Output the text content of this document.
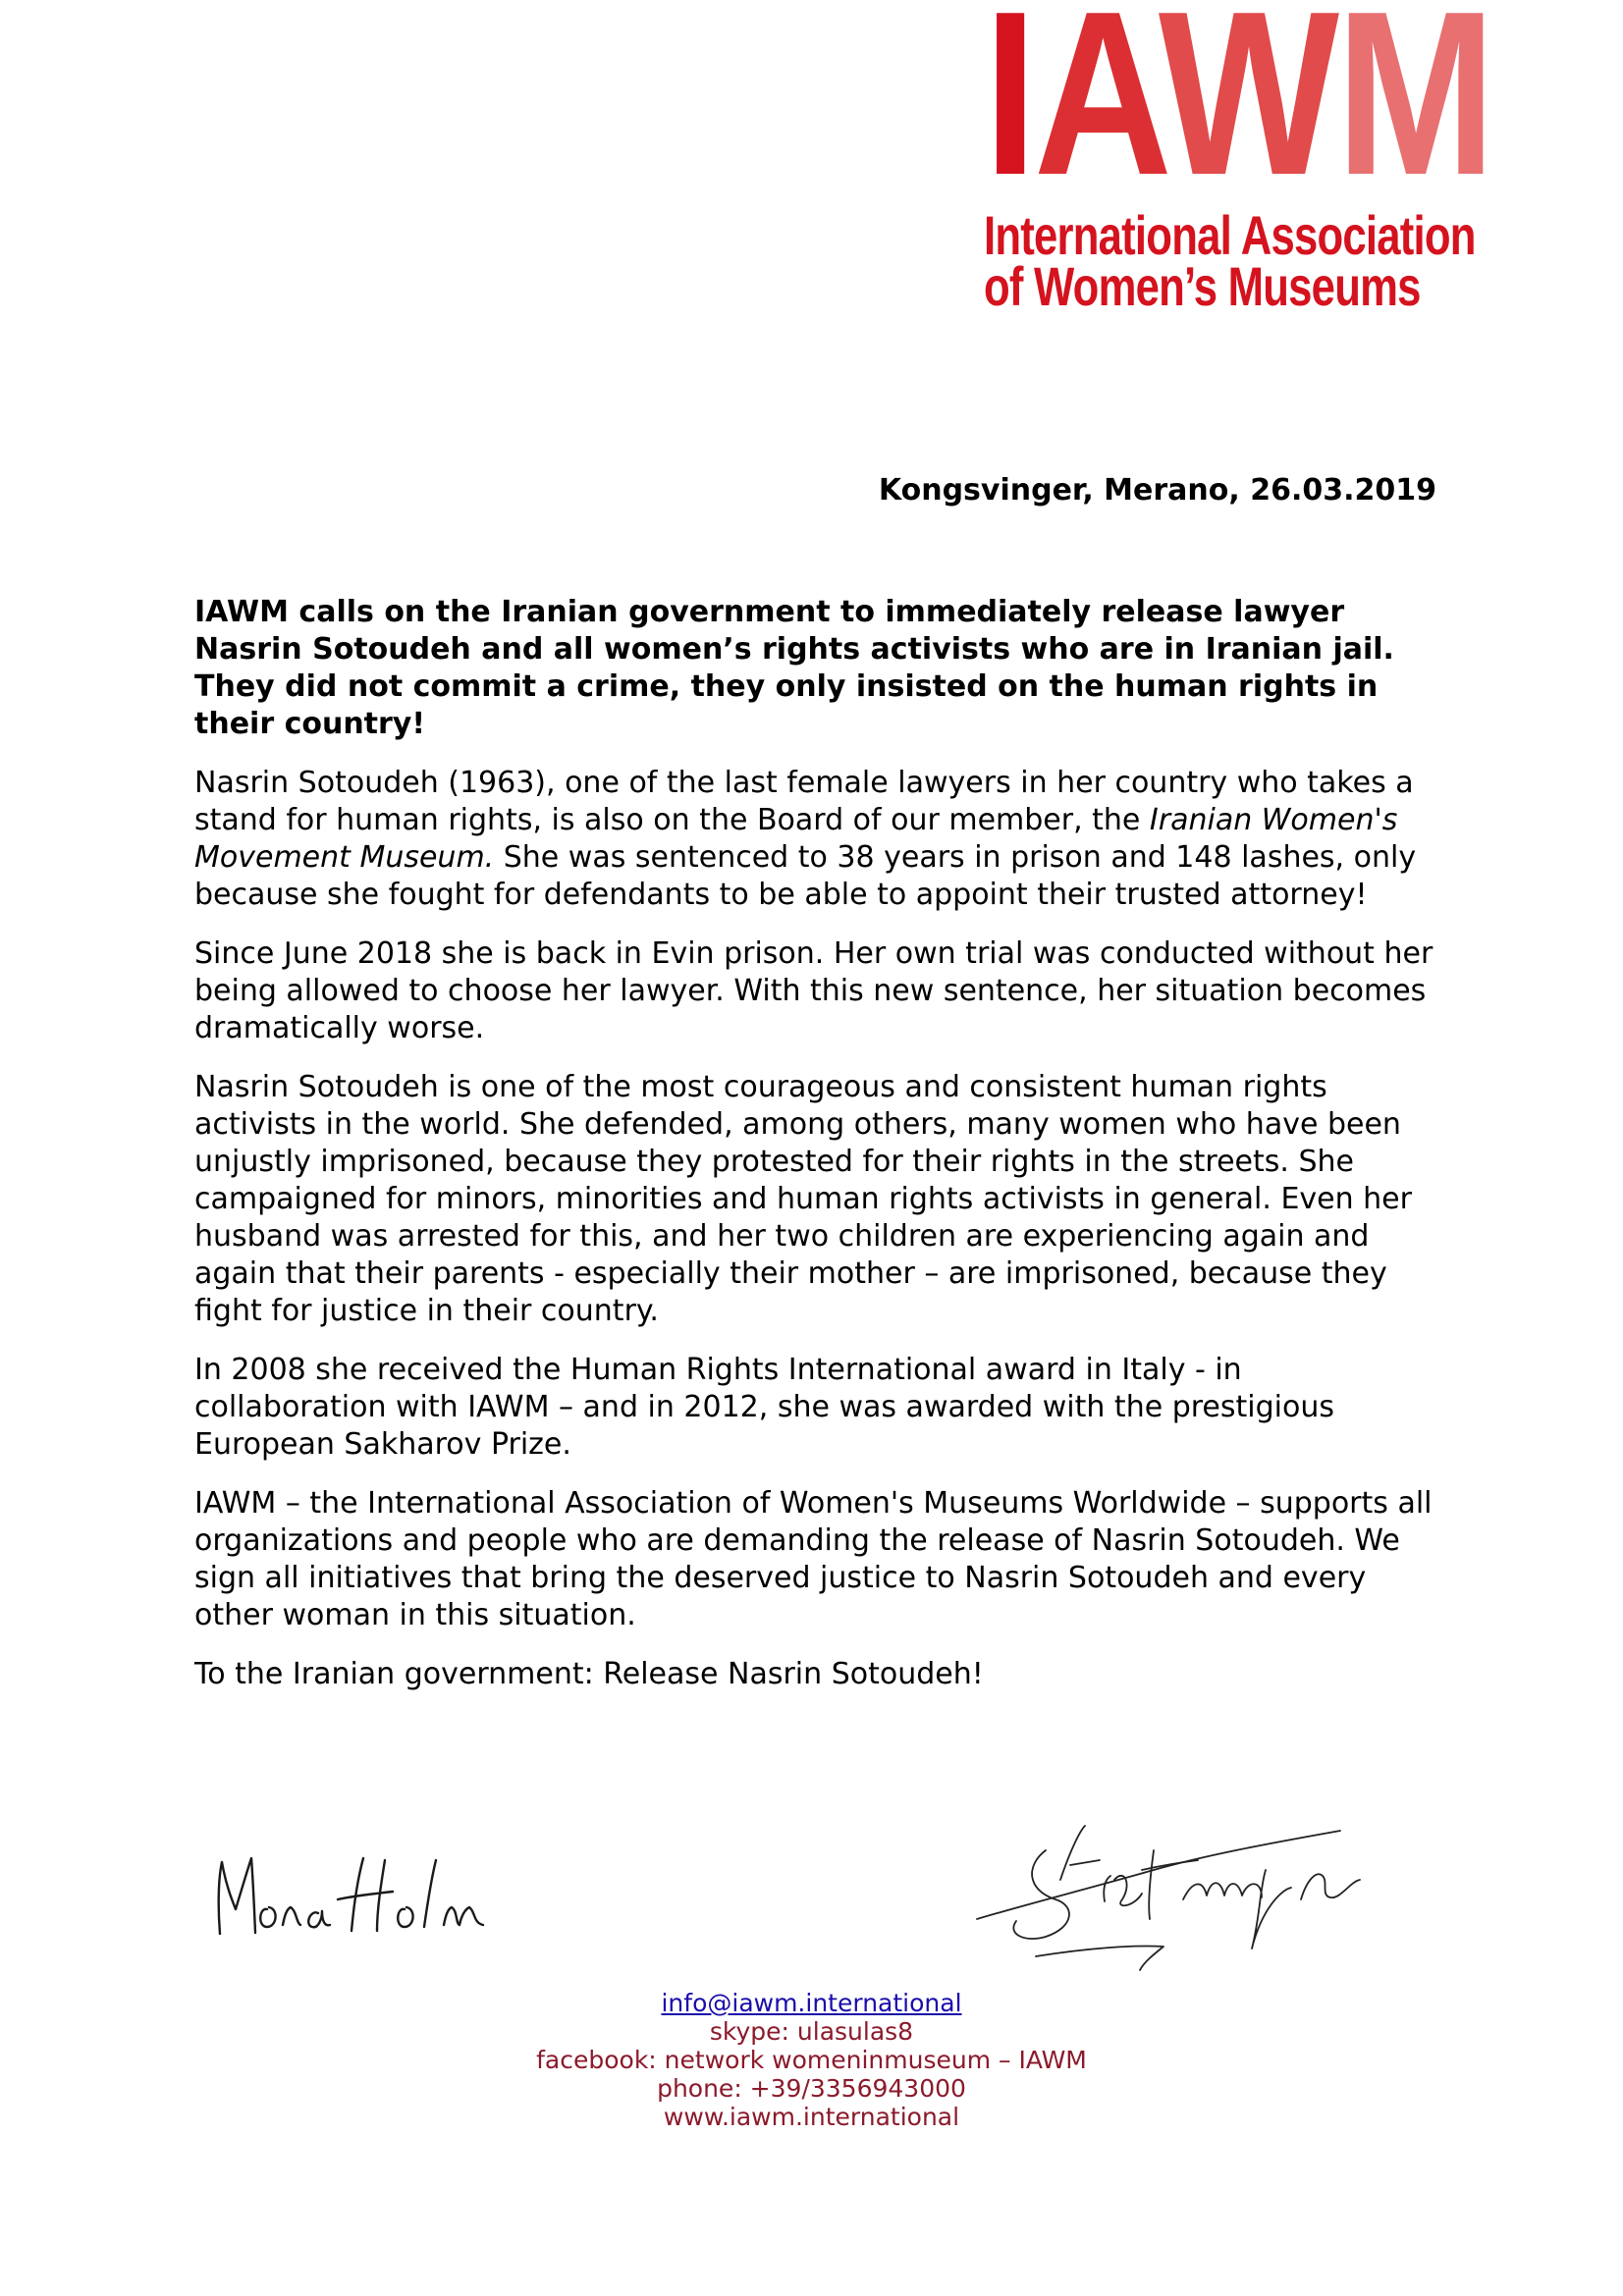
IAWM
International Association
of Women’s Museums
Kongsvinger, Merano, 26.03.2019

IAWM calls on the Iranian government to immediately release lawyer Nasrin Sotoudeh and all women’s rights activists who are in Iranian jail. They did not commit a crime, they only insisted on the human rights in their country!

Nasrin Sotoudeh (1963), one of the last female lawyers in her country who takes a stand for human rights, is also on the Board of our member, the Iranian Women's Movement Museum. She was sentenced to 38 years in prison and 148 lashes, only because she fought for defendants to be able to appoint their trusted attorney!

Since June 2018 she is back in Evin prison. Her own trial was conducted without her being allowed to choose her lawyer. With this new sentence, her situation becomes dramatically worse.

Nasrin Sotoudeh is one of the most courageous and consistent human rights activists in the world. She defended, among others, many women who have been unjustly imprisoned, because they protested for their rights in the streets. She campaigned for minors, minorities and human rights activists in general. Even her husband was arrested for this, and her two children are experiencing again and again that their parents - especially their mother – are imprisoned, because they fight for justice in their country.

In 2008 she received the Human Rights International award in Italy - in collaboration with IAWM – and in 2012, she was awarded with the prestigious European Sakharov Prize.

IAWM – the International Association of Women's Museums Worldwide – supports all organizations and people who are demanding the release of Nasrin Sotoudeh. We sign all initiatives that bring the deserved justice to Nasrin Sotoudeh and every other woman in this situation.

To the Iranian government: Release Nasrin Sotoudeh!

info@iawm.international
skype: ulasulas8
facebook: network womeninmuseum – IAWM
phone: +39/3356943000
www.iawm.international
